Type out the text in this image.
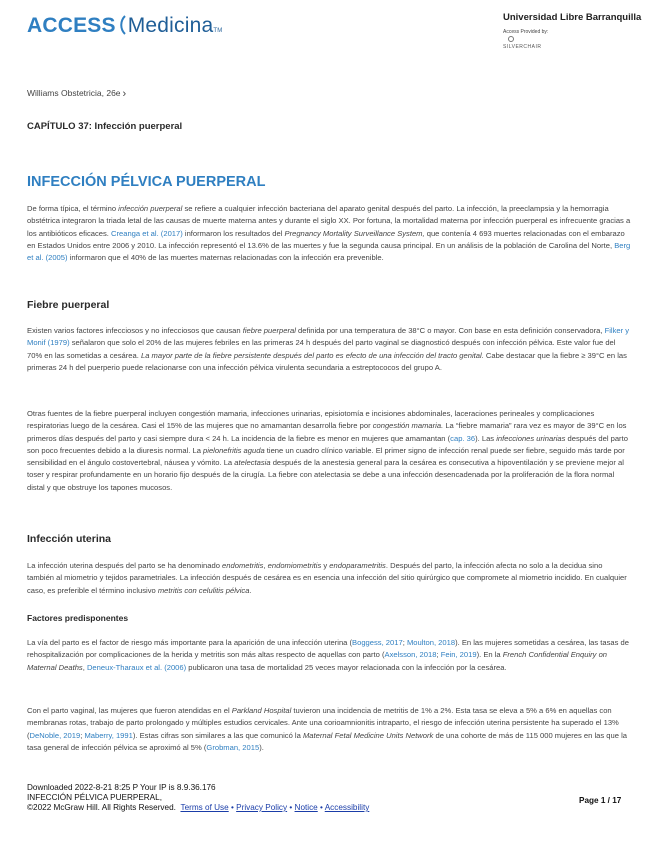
ACCESS MedicinaTM
Universidad Libre Barranquilla
Access Provided by:
SILVERCHAIR
Williams Obstetricia, 26e ›
CAPÍTULO 37: Infección puerperal
INFECCIÓN PÉLVICA PUERPERAL

De forma típica, el término infección puerperal se refiere a cualquier infección bacteriana del aparato genital después del parto. La infección, la preeclampsia y la hemorragia obstétrica integraron la triada letal de las causas de muerte materna antes y durante el siglo XX. Por fortuna, la mortalidad materna por infección puerperal es infrecuente gracias a los antibióticos eficaces. Creanga et al. (2017) informaron los resultados del Pregnancy Mortality Surveillance System, que contenía 4 693 muertes relacionadas con el embarazo en Estados Unidos entre 2006 y 2010. La infección representó el 13.6% de las muertes y fue la segunda causa principal. En un análisis de la población de Carolina del Norte, Berg et al. (2005) informaron que el 40% de las muertes maternas relacionadas con la infección era prevenible.

Fiebre puerperal

Existen varios factores infecciosos y no infecciosos que causan fiebre puerperal definida por una temperatura de 38°C o mayor. Con base en esta definición conservadora, Filker y Monif (1979) señalaron que solo el 20% de las mujeres febriles en las primeras 24 h después del parto vaginal se diagnosticó después con infección pélvica. Este valor fue del 70% en las sometidas a cesárea. La mayor parte de la fiebre persistente después del parto es efecto de una infección del tracto genital. Cabe destacar que la fiebre ≥ 39°C en las primeras 24 h del puerperio puede relacionarse con una infección pélvica virulenta secundaria a estreptococos del grupo A.

Otras fuentes de la fiebre puerperal incluyen congestión mamaria, infecciones urinarias, episiotomía e incisiones abdominales, laceraciones perineales y complicaciones respiratorias luego de la cesárea. Casi el 15% de las mujeres que no amamantan desarrolla fiebre por congestión mamaria. La “fiebre mamaria” rara vez es mayor de 39°C en los primeros días después del parto y casi siempre dura < 24 h. La incidencia de la fiebre es menor en mujeres que amamantan (cap. 36). Las infecciones urinarias después del parto son poco frecuentes debido a la diuresis normal. La pielonefritis aguda tiene un cuadro clínico variable. El primer signo de infección renal puede ser fiebre, seguido más tarde por sensibilidad en el ángulo costovertebral, náusea y vómito. La atelectasia después de la anestesia general para la cesárea es consecutiva a hipoventilación y se previene mejor al toser y respirar profundamente en un horario fijo después de la cirugía. La fiebre con atelectasia se debe a una infección desencadenada por la proliferación de la flora normal distal y que obstruye los tapones mucosos.

Infección uterina

La infección uterina después del parto se ha denominado endometritis, endomiometritis y endoparametritis. Después del parto, la infección afecta no solo a la decidua sino también al miometrio y tejidos parametriales. La infección después de cesárea es en esencia una infección del sitio quirúrgico que compromete al miometrio incidido. En cualquier caso, es preferible el término inclusivo metritis con celulitis pélvica.

Factores predisponentes

La vía del parto es el factor de riesgo más importante para la aparición de una infección uterina (Boggess, 2017; Moulton, 2018). En las mujeres sometidas a cesárea, las tasas de rehospitalización por complicaciones de la herida y metritis son más altas respecto de aquellas con parto (Axelsson, 2018; Fein, 2019). En la French Confidential Enquiry on Maternal Deaths, Deneux-Tharaux et al. (2006) publicaron una tasa de mortalidad 25 veces mayor relacionada con la infección por la cesárea.

Con el parto vaginal, las mujeres que fueron atendidas en el Parkland Hospital tuvieron una incidencia de metritis de 1% a 2%. Esta tasa se eleva a 5% a 6% en aquellas con membranas rotas, trabajo de parto prolongado y múltiples estudios cervicales. Ante una corioamnionitis intraparto, el riesgo de infección uterina persistente ha superado el 13% (DeNoble, 2019; Maberry, 1991). Estas cifras son similares a las que comunicó la Maternal Fetal Medicine Units Network de una cohorte de más de 115 000 mujeres en las que la tasa general de infección pélvica se aproximó al 5% (Grobman, 2015).

Downloaded 2022-8-21 8:25 P Your IP is 8.9.36.176
INFECCIÓN PÉLVICA PUERPERAL,
©2022 McGraw Hill. All Rights Reserved. Terms of Use • Privacy Policy • Notice • Accessibility
Page 1 / 17
